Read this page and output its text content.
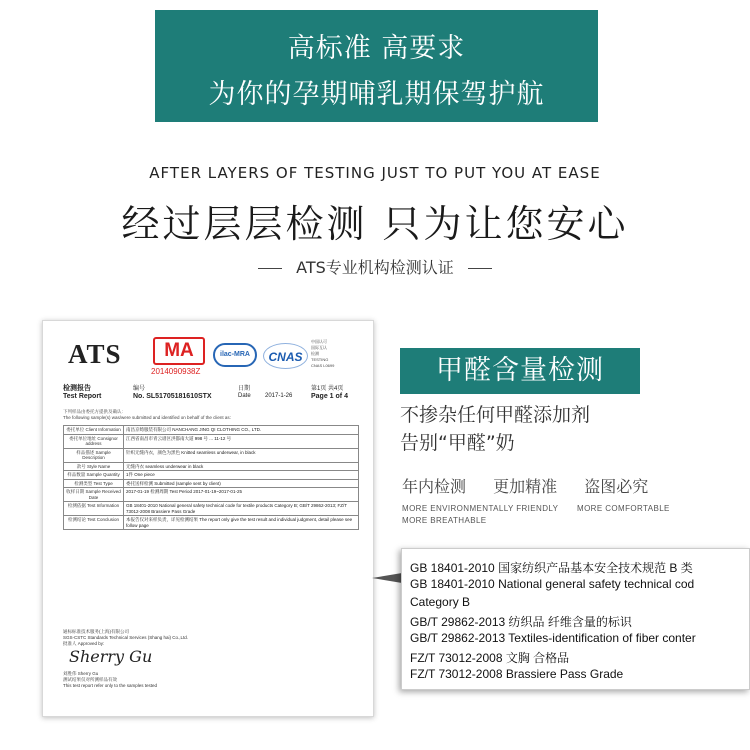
高标准 高要求
为你的孕期哺乳期保驾护航
AFTER LAYERS OF TESTING JUST TO PUT YOU AT EASE
经过层层检测 只为让您安心
ATS专业机构检测认证
ATS	MA
2014090938Z
ilac-MRA	CNAS
中国认可
国际互认
检测
TESTING
CNAS L0699
检测报告	编号	日期	第1页 共4页
Test Report	No. SL51705181610STX	Date 2017-1-26	Page 1 of 4
下列样品由委托方提供及确认：
The following sample(s) was/were submitted and identified on behalf of the client as:
委托单位 Client Information	南昌京绮服装有限公司 NANCHANG JING QI CLOTHING CO., LTD.
委托单位地址 Consignor address	江西省南昌市青云谱区洪都南大道 998 号 ... 11-12 号
样品描述 Sample Description	针织无缝内衣，颜色为黑色 Knitted seamless underwear, in black
款号 Style Name	无缝内衣 seamless underwear in black
样品数量 Sample Quantity	1件 One piece
检测类型 Test Type	委托送样检测 Submitted (sample sent by client)
收样日期 Sample Received Date	2017-01-19 检测周期 Test Period 2017-01-19~2017-01-25
检测依据 Test Information	GB 18401-2010 National general safety technical code for textile products Category B; GB/T 29862-2013; FZ/T 73012-2008 Brassiere Pass Grade
检测结论 Test Conclusion	本报告仅对来样负责，详见检测结果 The report only give the test result and individual judgment, detail please see follow page
通标标准技术服务(上海)有限公司
SGS-CSTC Standards Technical Services (Shang hai) Co.,Ltd.
批准人 Approved by:
Sherry Gu
刘胜伟 Sherry Gu
测试结果仅对所测样品有效
This test report refer only to the samples tested
甲醛含量检测
不掺杂任何甲醛添加剂
告别“甲醛”奶
年内检测 更加精准 盗图必究
MORE ENVIRONMENTALLY FRIENDLY MORE COMFORTABLE
MORE BREATHABLE
GB 18401-2010 国家纺织产品基本安全技术规范 B 类
GB 18401-2010 National general safety technical cod
Category B
GB/T 29862-2013 纺织品 纤维含量的标识
GB/T 29862-2013 Textiles-identification of fiber conter
FZ/T 73012-2008 文胸 合格品
FZ/T 73012-2008 Brassiere Pass Grade
